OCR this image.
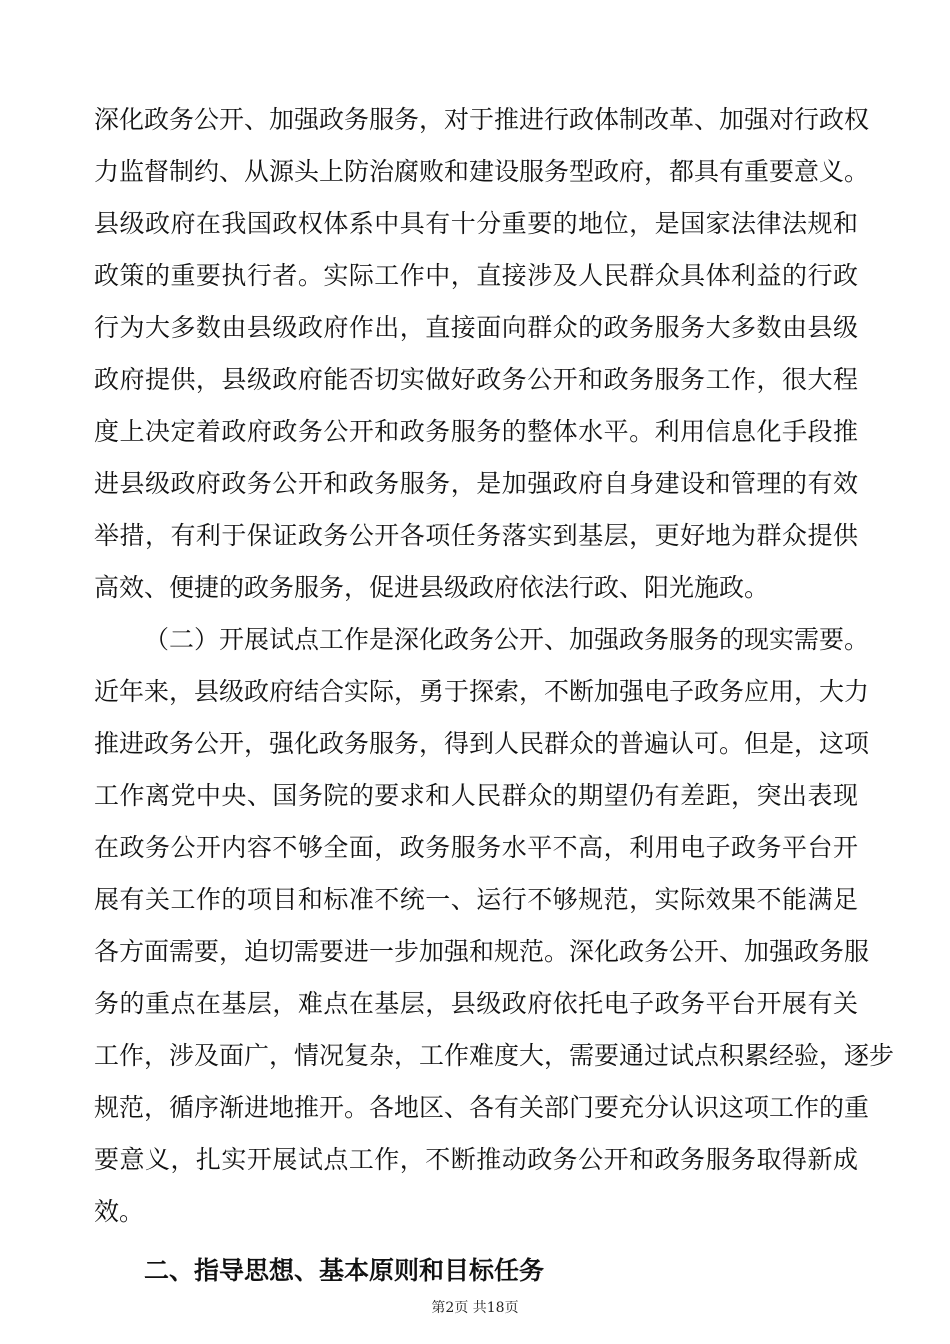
深化政务公开、加强政务服务，对于推进行政体制改革、加强对行政权
力监督制约、从源头上防治腐败和建设服务型政府，都具有重要意义。
县级政府在我国政权体系中具有十分重要的地位，是国家法律法规和
政策的重要执行者。实际工作中，直接涉及人民群众具体利益的行政
行为大多数由县级政府作出，直接面向群众的政务服务大多数由县级
政府提供，县级政府能否切实做好政务公开和政务服务工作，很大程
度上决定着政府政务公开和政务服务的整体水平。利用信息化手段推
进县级政府政务公开和政务服务，是加强政府自身建设和管理的有效
举措，有利于保证政务公开各项任务落实到基层，更好地为群众提供
高效、便捷的政务服务，促进县级政府依法行政、阳光施政。
（二）开展试点工作是深化政务公开、加强政务服务的现实需要。
近年来，县级政府结合实际，勇于探索，不断加强电子政务应用，大力
推进政务公开，强化政务服务，得到人民群众的普遍认可。但是，这项
工作离党中央、国务院的要求和人民群众的期望仍有差距，突出表现
在政务公开内容不够全面，政务服务水平不高，利用电子政务平台开
展有关工作的项目和标准不统一、运行不够规范，实际效果不能满足
各方面需要，迫切需要进一步加强和规范。深化政务公开、加强政务服
务的重点在基层，难点在基层，县级政府依托电子政务平台开展有关
工作，涉及面广，情况复杂，工作难度大，需要通过试点积累经验，逐步
规范，循序渐进地推开。各地区、各有关部门要充分认识这项工作的重
要意义，扎实开展试点工作，不断推动政务公开和政务服务取得新成
效。
二、指导思想、基本原则和目标任务
第2页 共18页
